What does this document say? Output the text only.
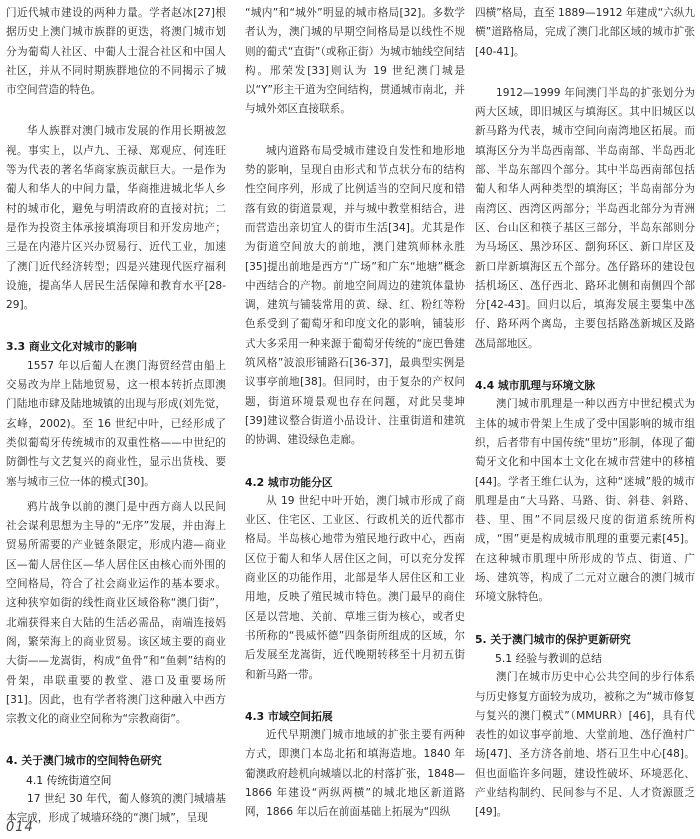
门近代城市建设的两种力量。学者赵冰[27]根据历史上澳门城市族群的更迭，将澳门城市划分为葡萄人社区、中葡人士混合社区和中国人社区，并从不同时期族群地位的不同揭示了城市空间营造的特色。

华人族群对澳门城市发展的作用长期被忽视。事实上，以卢九、王禄、郑观应、何连旺等为代表的著名华商家族贡献巨大。一是作为葡人和华人的中间力量，华商推进城北华人乡村的城市化，避免与明清政府的直接对抗；二是作为投资主体承接填海项目和开发房地产；三是在内港片区兴办贸易行、近代工业，加速了澳门近代经济转型；四是兴建现代医疗福利设施，提高华人居民生活保障和教育水平[28-29]。

3.3 商业文化对城市的影响

1557 年以后葡人在澳门海贸经营由船上交易改为岸上陆地贸易，这一根本转折点即澳门陆地市肆及陆地城镇的出现与形成(刘先觉，玄峰，2002)。至 16 世纪中叶，已经形成了类似葡萄牙传统城市的双重性格——中世纪的防御性与文艺复兴的商业性，显示出货栈、要塞与城市三位一体的模式[30]。

鸦片战争以前的澳门是中西方商人以民间社会谋利思想为主导的“无序”发展，并由海上贸易所需要的产业链条限定，形成内港—商业区—葡人居住区—华人居住区由核心而外围的空间格局，符合了社会商业运作的基本要求。这种狭窄如街的线性商业区域俗称“澳门街”，北端获得来自大陆的生活必需品，南端连接妈阁，繁荣海上的商业贸易。该区域主要的商业大街——龙嵩街，构成“鱼骨”和“鱼刺”结构的骨架，串联重要的教堂、港口及重要场所[31]。因此，也有学者将澳门这种融入中西方宗教文化的商业空间称为“宗教商街”。

4. 关于澳门城市的空间特色研究

4.1 传统街道空间

17 世纪 30 年代，葡人修筑的澳门城墙基本完成，形成了城墙环绕的“澳门城”，呈现

“城内”和“城外”明显的城市格局[32]。多数学者认为，澳门城的早期空间格局是以线性不规则的葡式“直街”（或称正街）为城市轴线空间结构。邢荣发[33]则认为 19 世纪澳门城是以“Y”形主干道为空间结构，贯通城市南北，并与城外郊区直接联系。

城内道路布局受城市建设自发性和地形地势的影响，呈现自由形式和节点状分布的结构性空间序列，形成了比例适当的空间尺度和错落有致的街道景观，并与城中教堂相结合，进而营造出亲切宜人的街市生活[34]。尤其是作为街道空间放大的前地，澳门建筑师林永胜[35]提出前地是西方“广场”和广东“地塘”概念中西结合的产物。前地空间周边的建筑体量协调，建筑与铺装常用的黄、绿、红、粉红等粉色系受到了葡萄牙和印度文化的影响，铺装形式大多采用一种来源于葡萄牙传统的“庞巴鲁建筑风格”波浪形铺路石[36-37]，最典型实例是议事亭前地[38]。但同时，由于复杂的产权问题，街道环境景观也存在问题，对此吴斐坤[39]建议整合街道小品设计、注重街道和建筑的协调、建设绿色走廊。

4.2 城市功能分区

从 19 世纪中叶开始，澳门城市形成了商业区、住宅区、工业区、行政机关的近代都市格局。半岛核心地带为殖民地行政中心，西南区位于葡人和华人居住区之间，可以充分发挥商业区的功能作用，北部是华人居住区和工业用地，反映了殖民城市特色。澳门最早的商住区是以营地、关前、草堆三街为核心，或者史书所称的“畏威怀德”四条街所组成的区域，尔后发展至龙嵩街，近代晚期转移至十月初五街和新马路一带。

4.3 市域空间拓展

近代早期澳门城市地域的扩张主要有两种方式，即澳门本岛北拓和填海造地。1840 年葡澳政府趁机向城墙以北的村落扩张，1848—1866 年建设“两纵两横”的城北地区新道路网，1866 年以后在前面基础上拓展为“四纵

四横”格局，直至 1889—1912 年建成“六纵九横”道路格局，完成了澳门北部区域的城市扩张[40-41]。

1912—1999 年间澳门半岛的扩张划分为两大区域，即旧城区与填海区。其中旧城区以新马路为代表，城市空间向南湾地区拓展。而填海区分为半岛西南部、半岛南部、半岛西北部、半岛东部四个部分。其中半岛西南部包括葡人和华人两种类型的填海区；半岛南部分为南湾区、西湾区两部分；半岛西北部分为青洲区、台山区和筷子基区三部分，半岛东部则分为马场区、黑沙环区、劏狗环区、新口岸区及新口岸新填海区五个部分。氹仔路环的建设包括机场区、氹仔西北、路环北侧和南侧四个部分[42-43]。回归以后，填海发展主要集中氹仔、路环两个离岛，主要包括路氹新城区及路氹局部地区。

4.4 城市肌理与环境文脉

澳门城市肌理是一种以西方中世纪模式为主体的城市骨架上生成了受中国影响的城市组织，后者带有中国传统“里坊”形制，体现了葡萄牙文化和中国本土文化在城市营建中的移植[44]。学者王维仁认为，这种“迷城”般的城市肌理是由“大马路、马路、街、斜巷、斜路、巷、里、围”不同层级尺度的街道系统所构成，“围”更是构成城市肌理的重要元素[45]。在这种城市肌理中所形成的节点、街道、广场、建筑等，构成了二元对立融合的澳门城市环境文脉特色。

5. 关于澳门城市的保护更新研究

5.1 经验与教训的总结

澳门在城市历史中心公共空间的步行体系与历史修复方面较为成功，被称之为“城市修复与复兴的澳门模式”（MMURR）[46]，具有代表性的如议事亭前地、大堂前地、氹仔渔村广场[47]、圣方济各前地、塔石卫生中心[48]。但也面临许多问题，建设性破坏、环境恶化、产业结构制约、民间参与不足、人才资源匮乏[49]。

014
